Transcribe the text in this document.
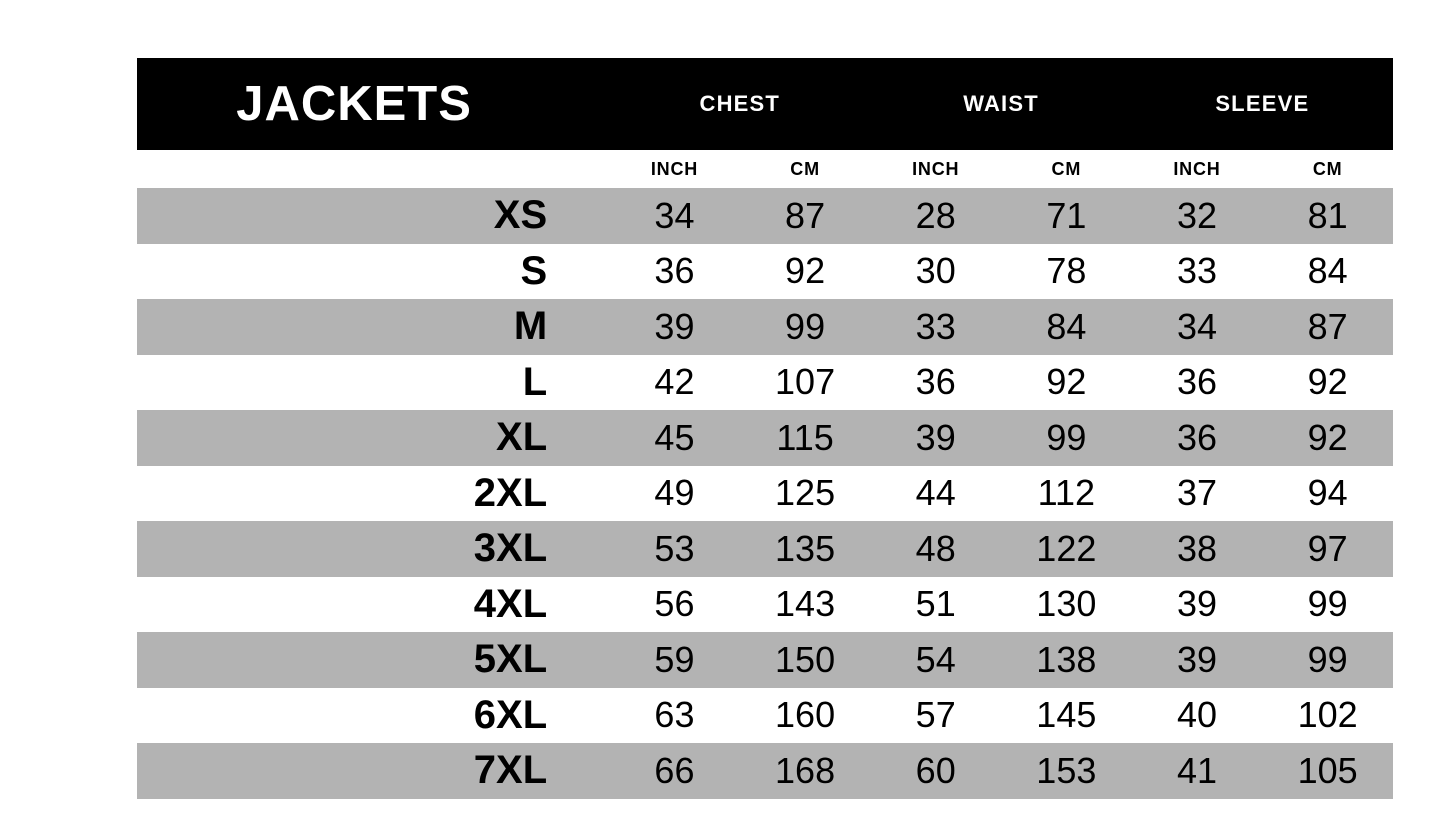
JACKETS	CHEST		WAIST		SLEEVE	
	INCH	CM	INCH	CM	INCH	CM
XS	34	87	28	71	32	81
S	36	92	30	78	33	84
M	39	99	33	84	34	87
L	42	107	36	92	36	92
XL	45	115	39	99	36	92
2XL	49	125	44	112	37	94
3XL	53	135	48	122	38	97
4XL	56	143	51	130	39	99
5XL	59	150	54	138	39	99
6XL	63	160	57	145	40	102
7XL	66	168	60	153	41	105
